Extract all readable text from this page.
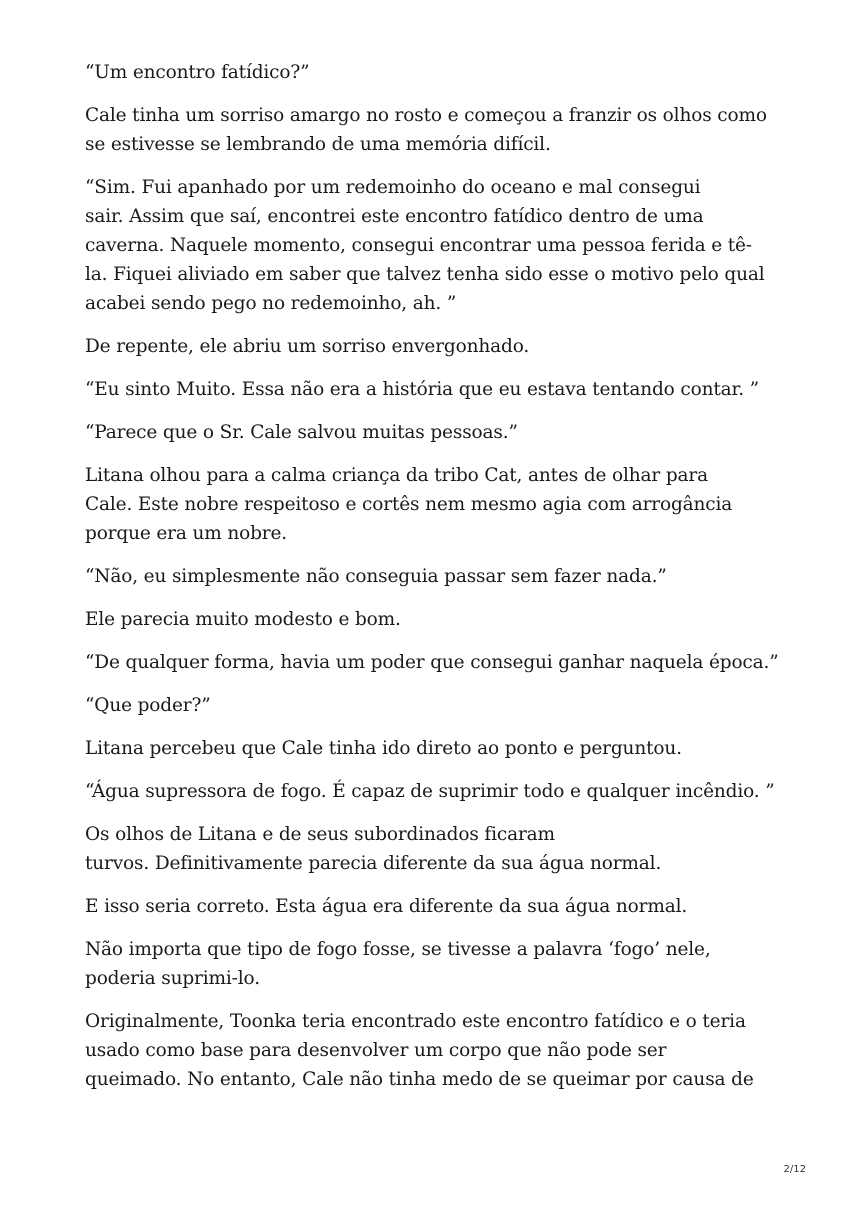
“Um encontro fatídico?”

Cale tinha um sorriso amargo no rosto e começou a franzir os olhos como
se estivesse se lembrando de uma memória difícil.

“Sim. Fui apanhado por um redemoinho do oceano e mal consegui
sair. Assim que saí, encontrei este encontro fatídico dentro de uma
caverna. Naquele momento, consegui encontrar uma pessoa ferida e tê-
la. Fiquei aliviado em saber que talvez tenha sido esse o motivo pelo qual
acabei sendo pego no redemoinho, ah. ”

De repente, ele abriu um sorriso envergonhado.

“Eu sinto Muito. Essa não era a história que eu estava tentando contar. ”

“Parece que o Sr. Cale salvou muitas pessoas.”

Litana olhou para a calma criança da tribo Cat, antes de olhar para
Cale. Este nobre respeitoso e cortês nem mesmo agia com arrogância
porque era um nobre.

“Não, eu simplesmente não conseguia passar sem fazer nada.”

Ele parecia muito modesto e bom.

“De qualquer forma, havia um poder que consegui ganhar naquela época.”

“Que poder?”

Litana percebeu que Cale tinha ido direto ao ponto e perguntou.

“Água supressora de fogo. É capaz de suprimir todo e qualquer incêndio. ”

Os olhos de Litana e de seus subordinados ficaram
turvos. Definitivamente parecia diferente da sua água normal.

E isso seria correto. Esta água era diferente da sua água normal.

Não importa que tipo de fogo fosse, se tivesse a palavra ‘fogo’ nele,
poderia suprimi-lo.

Originalmente, Toonka teria encontrado este encontro fatídico e o teria
usado como base para desenvolver um corpo que não pode ser
queimado. No entanto, Cale não tinha medo de se queimar por causa de

2/12
